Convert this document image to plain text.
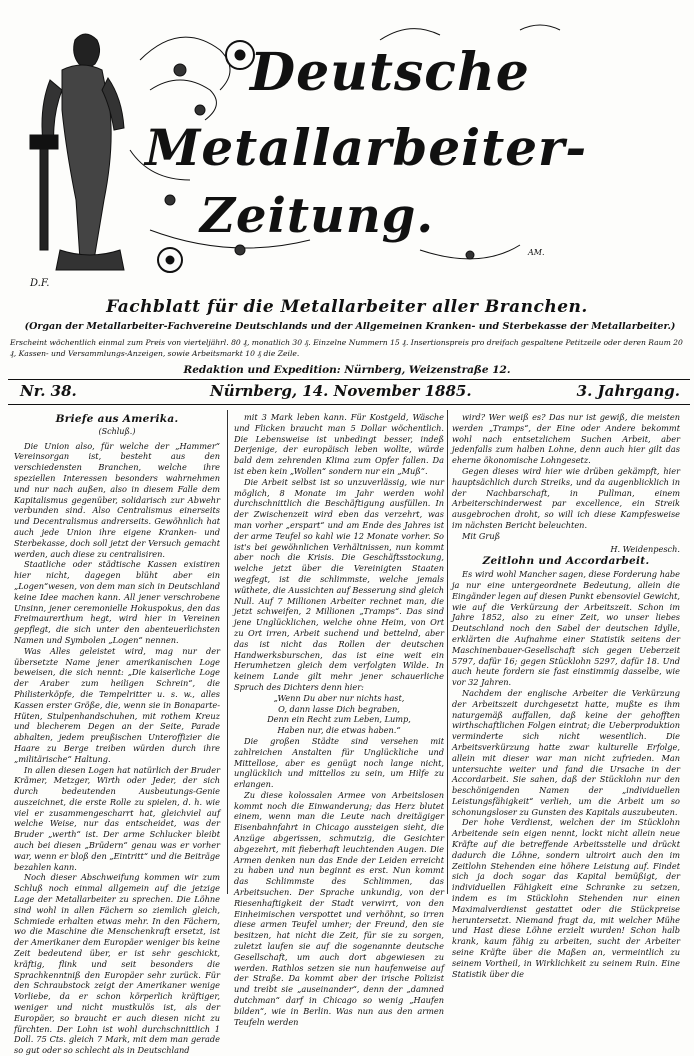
Deutsche
Metallarbeiter-
Zeitung.
D.F.
AM.
Fachblatt für die Metallarbeiter aller Branchen.
(Organ der Metallarbeiter-Fachvereine Deutschlands und der Allgemeinen Kranken- und Sterbekasse der Metallarbeiter.)
Erscheint wöchentlich einmal zum Preis von vierteljährl. 80 ₰, monatlich 30 ₰. Einzelne Nummern 15 ₰. Insertionspreis pro dreifach gespaltene Petitzeile oder deren Raum 20 ₰, Kassen- und Versammlungs-Anzeigen, sowie Arbeitsmarkt 10 ₰ die Zeile.
Redaktion und Expedition: Nürnberg, Weizenstraße 12.
Nr. 38.	Nürnberg, 14. November 1885.	3. Jahrgang.
Briefe aus Amerika.
(Schluß.)

Die Union also, für welche der „Hammer“ Vereinsorgan ist, besteht aus den verschiedensten Branchen, welche ihre speziellen Interessen besonders wahrnehmen und nur nach außen, also in diesem Falle dem Kapitalismus gegenüber, solidarisch zur Abwehr verbunden sind. Also Centralismus einerseits und Decentralismus andrerseits. Gewöhnlich hat auch jede Union ihre eigene Kranken- und Sterbekasse, doch soll jetzt der Versuch gemacht werden, auch diese zu centralisiren.

Staatliche oder städtische Kassen existiren hier nicht, dagegen blüht aber ein „Logen“wesen, von dem man sich in Deutschland keine Idee machen kann. All jener verschrobene Unsinn, jener ceremonielle Hokuspokus, den das Freimaurerthum hegt, wird hier in Vereinen gepflegt, die sich unter den abenteuerlichsten Namen und Symbolen „Logen“ nennen.

Was Alles geleistet wird, mag nur der übersetzte Name jener amerikanischen Loge beweisen, die sich nennt: „Die kaiserliche Loge der Araber zum heiligen Schrein“, die Philisterköpfe, die Tempelritter u. s. w., alles Kassen erster Größe, die, wenn sie in Bonaparte-Hüten, Stulpenhandschuhen, mit rothem Kreuz und blecherem Degen an der Seite, Parade abhalten, jedem preußischen Unteroffizier die Haare zu Berge treiben würden durch ihre „militärische“ Haltung.

In allen diesen Logen hat natürlich der Bruder Krämer, Metzger, Wirth oder Jeder, der sich durch bedeutenden Ausbeutungs-Genie auszeichnet, die erste Rolle zu spielen, d. h. wie viel er zusammengescharrt hat, gleichviel auf welche Weise, nur das entscheidet, was der Bruder „werth“ ist. Der arme Schlucker bleibt auch bei diesen „Brüdern“ genau was er vorher war, wenn er bloß den „Eintritt“ und die Beiträge bezahlen kann.

Noch dieser Abschweifung kommen wir zum Schluß noch einmal allgemein auf die jetzige Lage der Metallarbeiter zu sprechen. Die Löhne sind wohl in allen Fächern so ziemlich gleich, Schmiede erhalten etwas mehr. In den Fächern, wo die Maschine die Menschenkraft ersetzt, ist der Amerikaner dem Europäer weniger bis keine Zeit bedeutend über, er ist sehr geschickt, kräftig, flink und seit besonders die Sprachkenntniß den Europäer sehr zurück. Für den Schraubstock zeigt der Amerikaner wenige Vorliebe, da er schon körperlich kräftiger, weniger und nicht mustkulös ist, als der Europäer, so braucht er auch diesen nicht zu fürchten. Der Lohn ist wohl durchschnittlich 1 Doll. 75 Cts. gleich 7 Mark, mit dem man gerade so gut oder so schlecht als in Deutschland

mit 3 Mark leben kann. Für Kostgeld, Wäsche und Flicken braucht man 5 Dollar wöchentlich. Die Lebensweise ist unbedingt besser, indeß Derjenige, der europäisch leben wollte, würde bald dem zehrenden Klima zum Opfer fallen. Da ist eben kein „Wollen“ sondern nur ein „Muß“.

Die Arbeit selbst ist so unzuverlässig, wie nur möglich, 8 Monate im Jahr werden wohl durchschnittlich die Beschäftigung ausfüllen. In der Zwischenzeit wird eben das verzehrt, was man vorher „erspart“ und am Ende des Jahres ist der arme Teufel so kahl wie 12 Monate vorher. So ist's bei gewöhnlichen Verhältnissen, nun kommt aber noch die Krisis. Die Geschäftsstockung, welche jetzt über die Vereinigten Staaten wegfegt, ist die schlimmste, welche jemals wüthete, die Aussichten auf Besserung sind gleich Null. Auf 7 Millionen Arbeiter rechnet man, die jetzt schweifen, 2 Millionen „Tramps“. Das sind jene Unglücklichen, welche ohne Heim, von Ort zu Ort irren, Arbeit suchend und bettelnd, aber das ist nicht das Rollen der deutschen Handwerksburschen, das ist eine weit ein Herumhetzen gleich dem verfolgten Wilde. In keinem Lande gilt mehr jener schauerliche Spruch des Dichters denn hier:

„Wenn Du aber nur nichts hast,

O, dann lasse Dich begraben,

Denn ein Recht zum Leben, Lump,

Haben nur, die etwas haben.“

Die großen Städte sind versehen mit zahlreichen Anstalten für Unglückliche und Mittellose, aber es genügt noch lange nicht, unglücklich und mittellos zu sein, um Hilfe zu erlangen.

Zu diese kolossalen Armee von Arbeitslosen kommt noch die Einwanderung; das Herz blutet einem, wenn man die Leute nach dreitägiger Eisenbahnfahrt in Chicago aussteigen sieht, die Anzüge abgerissen, schmutzig, die Gesichter abgezehrt, mit fieberhaft leuchtenden Augen. Die Armen denken nun das Ende der Leiden erreicht zu haben und nun beginnt es erst. Nun kommt das Schlimmste des Schlimmen, das Arbeitsuchen. Der Sprache unkundig, von der Riesenhaftigkeit der Stadt verwirrt, von den Einheimischen verspottet und verhöhnt, so irren diese armen Teufel umher; der Freund, den sie besitzen, hat nicht die Zeit, für sie zu sorgen, zuletzt laufen sie auf die sogenannte deutsche Gesellschaft, um auch dort abgewiesen zu werden. Rathlos setzen sie nun haufenweise auf der Straße. Da kommt aber der irische Polizist und treibt sie „auseinander“, denn der „damned dutchman“ darf in Chicago so wenig „Haufen bilden“, wie in Berlin. Was nun aus den armen Teufeln werden

wird? Wer weiß es? Das nur ist gewiß, die meisten werden „Tramps“, der Eine oder Andere bekommt wohl nach entsetzlichem Suchen Arbeit, aber jedenfalls zum halben Lohne, denn auch hier gilt das eherne ökonomische Lohngesetz.

Gegen dieses wird hier wie drüben gekämpft, hier hauptsächlich durch Streiks, und da augenblicklich in der Nachbarschaft, in Pullman, einem Arbeiterschinderwest par excellence, ein Streik ausgebrochen droht, so will ich diese Kampfesweise im nächsten Bericht beleuchten.

Mit Gruß

H. Weidenpesch.
Zeitlohn und Accordarbeit.

Es wird wohl Mancher sagen, diese Forderung habe ja nur eine untergeordnete Bedeutung, allein die Eingänder legen auf diesen Punkt ebensoviel Gewicht, wie auf die Verkürzung der Arbeitszeit. Schon im Jahre 1852, also zu einer Zeit, wo unser liebes Deutschland noch den Sabel der deutschen Idylle, erklärten die Aufnahme einer Statistik seitens der Maschinenbauer-Gesellschaft sich gegen Ueberzeit 5797, dafür 16; gegen Stücklohn 5297, dafür 18. Und auch heute fordern sie fast einstimmig dasselbe, wie vor 32 Jahren.

Nachdem der englische Arbeiter die Verkürzung der Arbeitszeit durchgesetzt hatte, mußte es ihm naturgemäß auffallen, daß keine der gehofften wirthschaftlichen Folgen eintrat; die Ueberproduktion verminderte sich nicht wesentlich. Die Arbeitsverkürzung hatte zwar kulturelle Erfolge, allein mit dieser war man nicht zufrieden. Man untersuchte weiter und fand die Ursache in der Accordarbeit. Sie sahen, daß der Stücklohn nur den beschönigenden Namen der „individuellen Leistungsfähigkeit“ verlieh, um die Arbeit um so schonungsloser zu Gunsten des Kapitals auszubeuten.

Der hohe Verdienst, welchen der im Stücklohn Arbeitende sein eigen nennt, lockt nicht allein neue Kräfte auf die betreffende Arbeitsstelle und drückt dadurch die Löhne, sondern ultroirt auch den im Zeitlohn Stehenden eine höhere Leistung auf. Findet sich ja doch sogar das Kapital bemüßigt, der individuellen Fähigkeit eine Schranke zu setzen, indem es im Stücklohn Stehenden nur einen Maximalverdienst gestattet oder die Stückpreise heruntersetzt. Niemand fragt da, mit welcher Mühe und Hast diese Löhne erzielt wurden! Schon halb krank, kaum fähig zu arbeiten, sucht der Arbeiter seine Kräfte über die Maßen an, vermeintlich zu seinem Vortheil, in Wirklichkeit zu seinem Ruin. Eine Statistik über die
